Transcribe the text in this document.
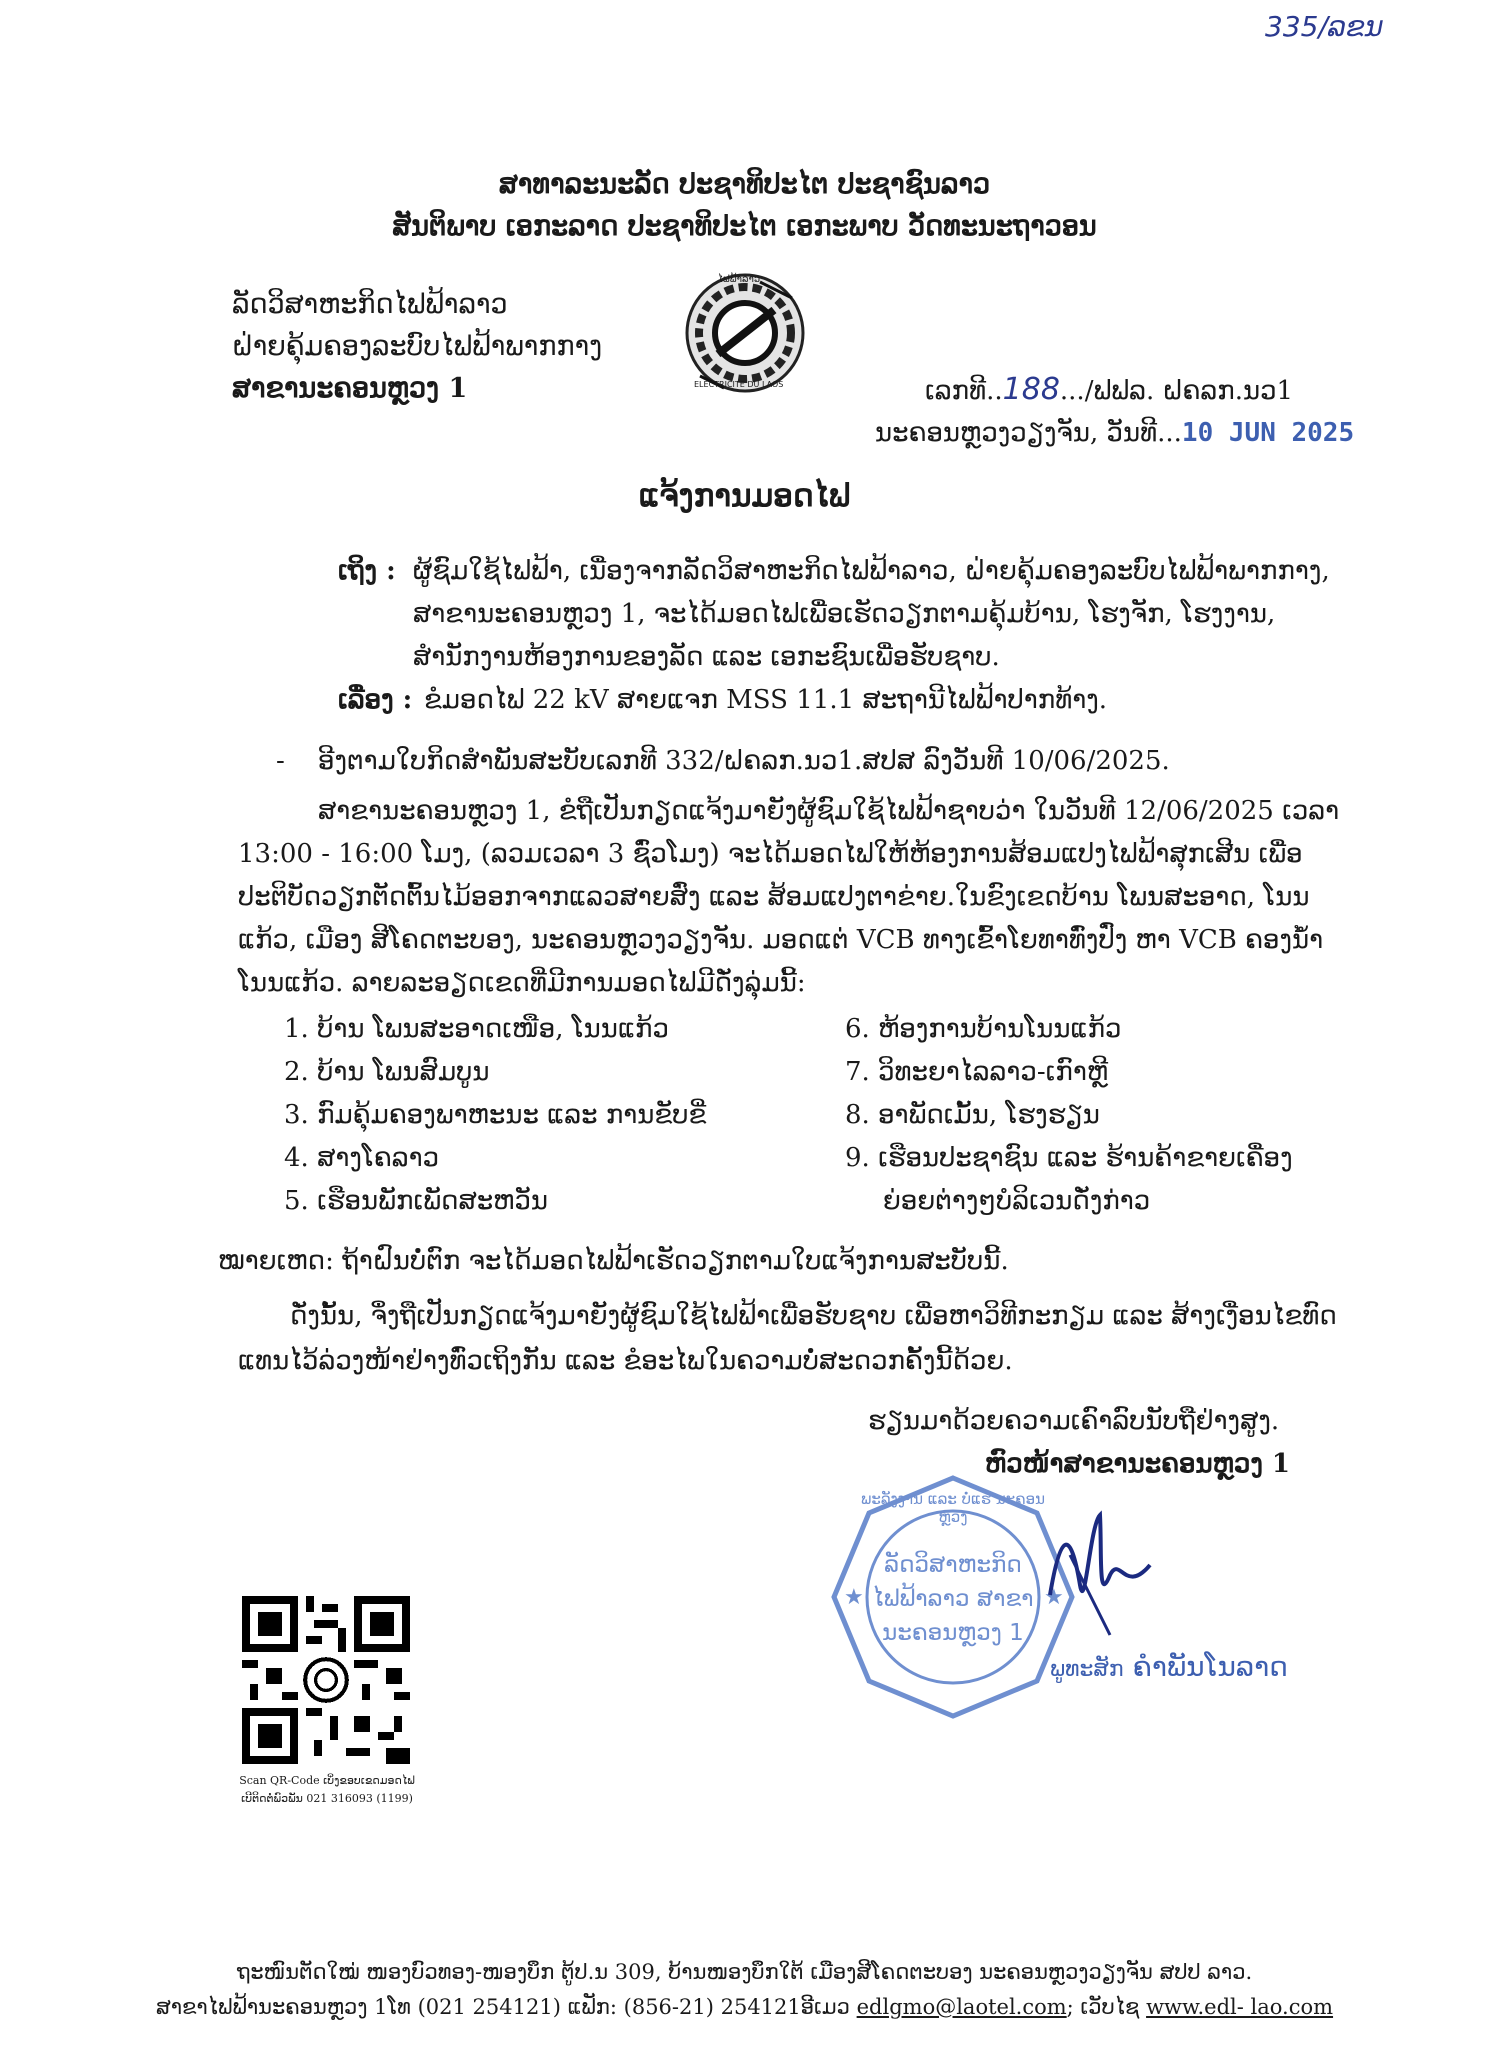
335/ລຂນ
ສາທາລະນະລັດ ປະຊາທິປະໄຕ ປະຊາຊົນລາວ
ສັນຕິພາບ ເອກະລາດ ປະຊາທິປະໄຕ ເອກະພາບ ວັດທະນະຖາວອນ
ລັດວິສາຫະກິດໄຟຟ້າລາວ
ຝ່າຍຄຸ້ມຄອງລະບົບໄຟຟ້າພາກກາງ
ສາຂານະຄອນຫຼວງ 1
ໄຟຟ້າລາວ
ELECTRICITE DU LAOS	ເລກທີ..188.../ຟຟລ. ຝຄລກ.ນວ1
ນະຄອນຫຼວງວຽງຈັນ, ວັນທີ...10 JUN 2025
ແຈ້ງການມອດໄຟ
ເຖິງ : ຜູ້ຊົມໃຊ້ໄຟຟ້າ, ເນື່ອງຈາກລັດວິສາຫະກິດໄຟຟ້າລາວ, ຝ່າຍຄຸ້ມຄອງລະບົບໄຟຟ້າພາກກາງ,
ສາຂານະຄອນຫຼວງ 1, ຈະໄດ້ມອດໄຟເພື່ອເຮັດວຽກຕາມຄຸ້ມບ້ານ, ໂຮງຈັກ, ໂຮງງານ,
ສໍານັກງານຫ້ອງການຂອງລັດ ແລະ ເອກະຊົນເພື່ອຮັບຊາບ.
ເລື່ອງ : ຂໍມອດໄຟ 22 kV ສາຍແຈກ MSS 11.1 ສະຖານີໄຟຟ້າປາກທ້າງ.
- ອີງຕາມໃບກິດສໍາພັນສະບັບເລກທີ 332/ຝຄລກ.ນວ1.ສປສ ລົງວັນທີ 10/06/2025.
ສາຂານະຄອນຫຼວງ 1, ຂໍຖືເປັນກຽດແຈ້ງມາຍັງຜູ້ຊົມໃຊ້ໄຟຟ້າຊາບວ່າ ໃນວັນທີ 12/06/2025 ເວລາ
13:00 - 16:00 ໂມງ, (ລວມເວລາ 3 ຊົ່ວໂມງ) ຈະໄດ້ມອດໄຟໃຫ້ຫ້ອງການສ້ອມແປງໄຟຟ້າສຸກເສີນ ເພື່ອ
ປະຕິບັດວຽກຕັດຕົ້ນໄມ້ອອກຈາກແລວສາຍສົ່ງ ແລະ ສ້ອມແປງຕາຂ່າຍ.ໃນຂົງເຂດບ້ານ ໂພນສະອາດ, ໂນນ
ແກ້ວ, ເມືອງ ສີໂຄດຕະບອງ, ນະຄອນຫຼວງວຽງຈັນ. ມອດແຕ່ VCB ທາງເຂົ້າໂຍທາທົ່ງປົ່ງ ຫາ VCB ຄອງນໍ້າ
ໂນນແກ້ວ. ລາຍລະອຽດເຂດທີ່ມີການມອດໄຟມີດັ່ງລຸ່ມນີ້:
1. ບ້ານ ໂພນສະອາດເໜືອ, ໂນນແກ້ວ
2. ບ້ານ ໂພນສົມບູນ
3. ກົມຄຸ້ມຄອງພາຫະນະ ແລະ ການຂັບຂີ່
4. ສາງໂຄລາວ
5. ເຮືອນພັກເພັດສະຫວັນ
6. ຫ້ອງການບ້ານໂນນແກ້ວ
7. ວິທະຍາໄລລາວ-ເກົາຫຼີ
8. ອາພັດເມັ້ນ, ໂຮງຮຽນ
9. ເຮືອນປະຊາຊົນ ແລະ ຮ້ານຄ້າຂາຍເຄື່ອງ
ຍ່ອຍຕ່າງໆບໍລິເວນດັ່ງກ່າວ
ໝາຍເຫດ: ຖ້າຝົນບໍ່ຕົກ ຈະໄດ້ມອດໄຟຟ້າເຮັດວຽກຕາມໃບແຈ້ງການສະບັບນີ້.
ດັ່ງນັ້ນ, ຈຶ່ງຖືເປັນກຽດແຈ້ງມາຍັງຜູ້ຊົມໃຊ້ໄຟຟ້າເພື່ອຮັບຊາບ ເພື່ອຫາວິທີກະກຽມ ແລະ ສ້າງເງື່ອນໄຂທົດ
ແທນໄວ້ລ່ວງໜ້າຢ່າງທົ່ວເຖິງກັນ ແລະ ຂໍອະໄພໃນຄວາມບໍ່ສະດວກຄັ້ງນີ້ດ້ວຍ.
ຮຽນມາດ້ວຍຄວາມເຄົາລົບນັບຖືຢ່າງສູງ.
ຫົວໜ້າສາຂານະຄອນຫຼວງ 1
★	★
ພະລັງງານ ແລະ ບໍ່ແຮ່ ນະຄອນ ຫຼວງ
ລັດວິສາຫະກິດ
ໄຟຟ້າລາວ ສາຂາ
ນະຄອນຫຼວງ 1
ພູທະສັກ ຄໍາພັນໂນລາດ
Scan QR-Code ເບິ່ງຂອບເຂດມອດໄຟ
ເບີຕິດຕໍ່ພົວພັນ 021 316093 (1199)
ຖະໜົນຕັດໃໝ່ ໜອງບົວທອງ-ໜອງບຶກ ຕູ້ປ.ນ 309, ບ້ານໜອງບຶກໃຕ້ ເມືອງສີໂຄດຕະບອງ ນະຄອນຫຼວງວຽງຈັນ ສປປ ລາວ.
ສາຂາໄຟຟ້ານະຄອນຫຼວງ 1ໂທ (021 254121) ແຟັກ: (856-21) 254121ອີເມວ edlgmo@laotel.com; ເວັບໄຊ www.edl- lao.com
